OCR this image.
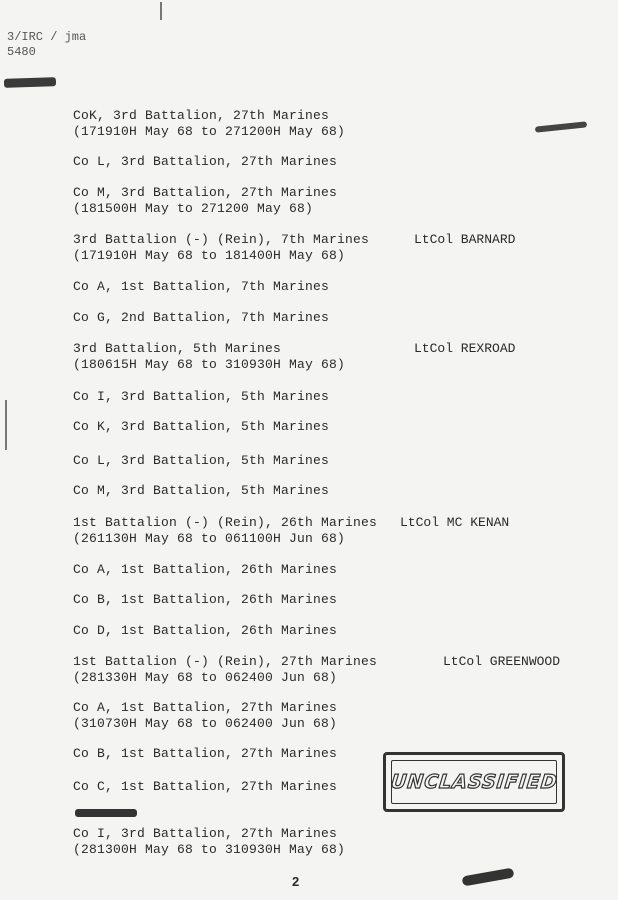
3/IRC / jma
5480
CoK, 3rd Battalion, 27th Marines
(171910H May 68 to 271200H May 68)
Co L, 3rd Battalion, 27th Marines
Co M, 3rd Battalion, 27th Marines
(181500H May to 271200 May 68)
3rd Battalion (-) (Rein), 7th Marines
(171910H May 68 to 181400H May 68)
LtCol BARNARD
Co A, 1st Battalion, 7th Marines
Co G, 2nd Battalion, 7th Marines
3rd Battalion, 5th Marines
(180615H May 68 to 310930H May 68)
LtCol REXROAD
Co I, 3rd Battalion, 5th Marines
Co K, 3rd Battalion, 5th Marines
Co L, 3rd Battalion, 5th Marines
Co M, 3rd Battalion, 5th Marines
1st Battalion (-) (Rein), 26th Marines
(261130H May 68 to 061100H Jun 68)
LtCol MC KENAN
Co A, 1st Battalion, 26th Marines
Co B, 1st Battalion, 26th Marines
Co D, 1st Battalion, 26th Marines
1st Battalion (-) (Rein), 27th Marines
(281330H May 68 to 062400 Jun 68)
LtCol GREENWOOD
Co A, 1st Battalion, 27th Marines
(310730H May 68 to 062400 Jun 68)
Co B, 1st Battalion, 27th Marines
Co C, 1st Battalion, 27th Marines
Co I, 3rd Battalion, 27th Marines
(281300H May 68 to 310930H May 68)
UNCLASSIFIED
2
